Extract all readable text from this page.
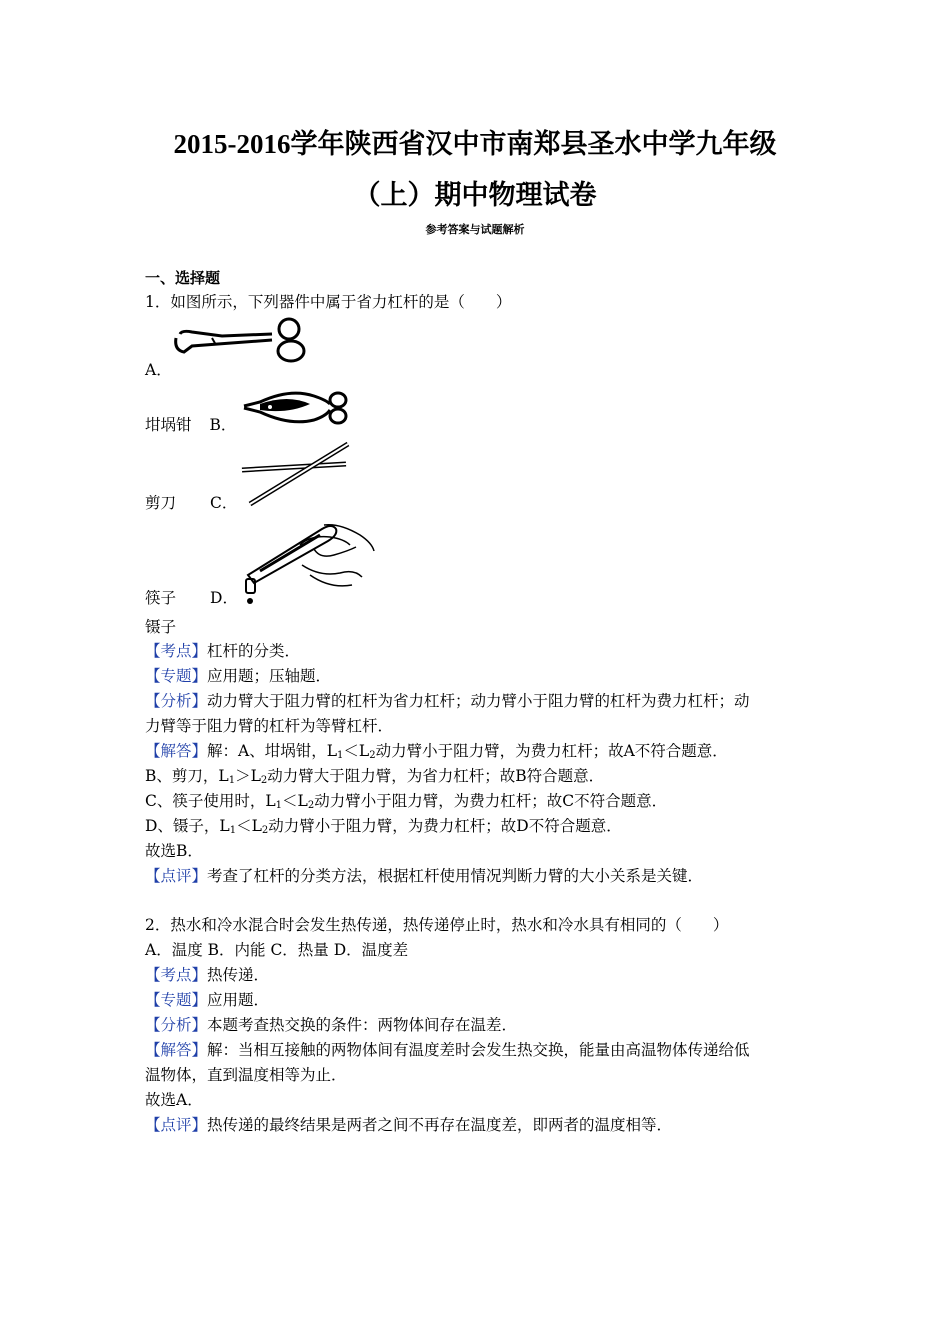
2015-2016学年陕西省汉中市南郑县圣水中学九年级
（上）期中物理试卷
参考答案与试题解析
一、选择题
1．如图所示，下列器件中属于省力杠杆的是（　　）
A．
坩埚钳 B．
剪刀 C．
筷子 D．
镊子
【考点】杠杆的分类．
【专题】应用题；压轴题．
【分析】动力臂大于阻力臂的杠杆为省力杠杆；动力臂小于阻力臂的杠杆为费力杠杆；动
力臂等于阻力臂的杠杆为等臂杠杆．
【解答】解：A、坩埚钳，$L_1<L_2$动力臂小于阻力臂，为费力杠杆；故A不符合题意．
B、剪刀，$L_1>L_2$动力臂大于阻力臂，为省力杠杆；故B符合题意．
C、筷子使用时，$L_1<L_2$动力臂小于阻力臂，为费力杠杆；故C不符合题意．
D、镊子，$L_1<L_2$动力臂小于阻力臂，为费力杠杆；故D不符合题意．
故选B．
【点评】考查了杠杆的分类方法，根据杠杆使用情况判断力臂的大小关系是关键．
2．热水和冷水混合时会发生热传递，热传递停止时，热水和冷水具有相同的（　　）
A．温度 B．内能 C．热量 D．温度差
【考点】热传递．
【专题】应用题．
【分析】本题考查热交换的条件：两物体间存在温差．
【解答】解：当相互接触的两物体间有温度差时会发生热交换，能量由高温物体传递给低
温物体，直到温度相等为止．
故选A．
【点评】热传递的最终结果是两者之间不再存在温度差，即两者的温度相等．
